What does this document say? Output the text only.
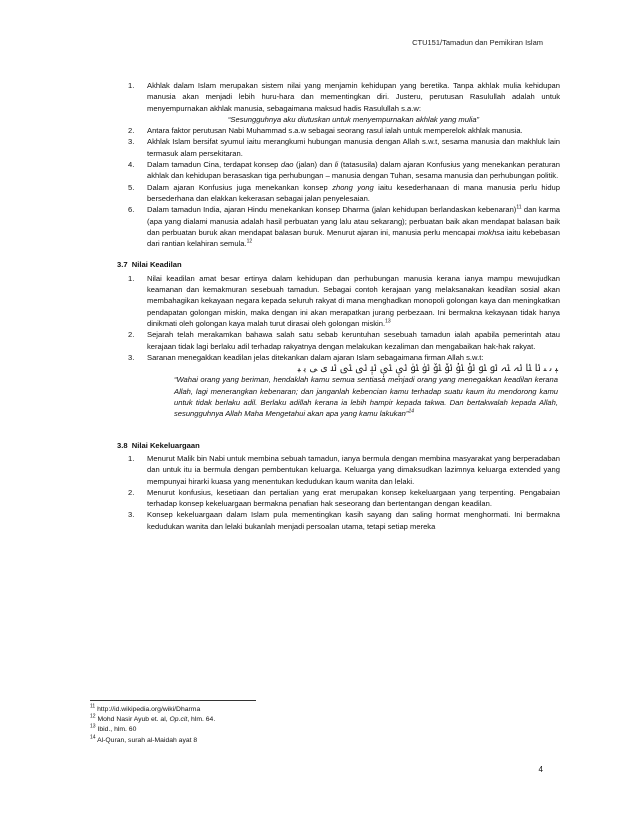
CTU151/Tamadun dan Pemikiran Islam
1. Akhlak dalam Islam merupakan sistem nilai yang menjamin kehidupan yang beretika. Tanpa akhlak mulia kehidupan manusia akan menjadi lebih huru-hara dan mementingkan diri. Justeru, perutusan Rasulullah adalah untuk menyempurnakan akhlak manusia, sebagaimana maksud hadis Rasulullah s.a.w:
“Sesungguhnya aku diutuskan untuk menyempurnakan akhlak yang mulia”
2. Antara faktor perutusan Nabi Muhammad s.a.w sebagai seorang rasul ialah untuk memperelok akhlak manusia.
3. Akhlak Islam bersifat syumul iaitu merangkumi hubungan manusia dengan Allah s.w.t, sesama manusia dan makhluk lain termasuk alam persekitaran.
4. Dalam tamadun Cina, terdapat konsep dao (jalan) dan li (tatasusila) dalam ajaran Konfusius yang menekankan peraturan akhlak dan kehidupan berasaskan tiga perhubungan – manusia dengan Tuhan, sesama manusia dan perhubungan politik.
5. Dalam ajaran Konfusius juga menekankan konsep zhong yong iaitu kesederhanaan di mana manusia perlu hidup bersederhana dan elakkan kekerasan sebagai jalan penyelesaian.
6. Dalam tamadun India, ajaran Hindu menekankan konsep Dharma (jalan kehidupan berlandaskan kebenaran)$^{11}$ dan karma (apa yang dialami manusia adalah hasil perbuatan yang lalu atau sekarang); perbuatan baik akan mendapat balasan baik dan perbuatan buruk akan mendapat balasan buruk. Menurut ajaran ini, manusia perlu mencapai mokhsa iaitu kebebasan dari rantian kelahiran semula.$^{12}$
3.7 Nilai Keadilan
1. Nilai keadilan amat besar ertinya dalam kehidupan dan perhubungan manusia kerana ianya mampu mewujudkan keamanan dan kemakmuran sesebuah tamadun. Sebagai contoh kerajaan yang melaksanakan keadilan sosial akan membahagikan kekayaan negara kepada seluruh rakyat di mana menghadkan monopoli golongan kaya dan meningkatkan pendapatan golongan miskin, maka dengan ini akan merapatkan jurang perbezaan. Ini bermakna kekayaan tidak hanya dinikmati oleh golongan kaya malah turut dirasai oleh golongan miskin.$^{13}$
2. Sejarah telah merakamkan bahawa salah satu sebab keruntuhan sesebuah tamadun ialah apabila pemerintah atau kerajaan tidak lagi berlaku adil terhadap rakyatnya dengan melakukan kezaliman dan mengabaikan hak-hak rakyat.
3. Saranan menegakkan keadilan jelas ditekankan dalam ajaran Islam sebagaimana firman Allah s.w.t:
ﯧ ﯨ ﯩ ﯪ ﯫ ﯬ ﯭ ﯮ ﯯ ﯰ ﯱ ﯲ ﯳ ﯴ ﯵ ﯶ ﯷ ﯸ ﯹ ﯺ ﯻ ﯼ ﯽ ﯾ ﯿ
“Wahai orang yang beriman, hendaklah kamu semua sentiasa menjadi orang yang menegakkan keadilan kerana Allah, lagi menerangkan kebenaran; dan janganlah kebencian kamu terhadap suatu kaum itu mendorong kamu untuk tidak berlaku adil. Berlaku adillah kerana ia lebih hampir kepada takwa. Dan bertakwalah kepada Allah, sesungguhnya Allah Maha Mengetahui akan apa yang kamu lakukan”$^{14}$
3.8 Nilai Kekeluargaan
1. Menurut Malik bin Nabi untuk membina sebuah tamadun, ianya bermula dengan membina masyarakat yang berperadaban dan untuk itu ia bermula dengan pembentukan keluarga. Keluarga yang dimaksudkan lazimnya keluarga extended yang mempunyai hirarki kuasa yang menentukan kedudukan kaum wanita dan lelaki.
2. Menurut konfusius, kesetiaan dan pertalian yang erat merupakan konsep kekeluargaan yang terpenting. Pengabaian terhadap konsep kekeluargaan bermakna penafian hak seseorang dan bertentangan dengan keadilan.
3. Konsep kekeluargaan dalam Islam pula mementingkan kasih sayang dan saling hormat menghormati. Ini bermakna kedudukan wanita dan lelaki bukanlah menjadi persoalan utama, tetapi setiap mereka
$^{11}$ http://id.wikipedia.org/wiki/Dharma
$^{12}$ Mohd Nasir Ayub et. al, Op.cit, hlm. 64.
$^{13}$ Ibid., hlm. 60
$^{14}$ Al-Quran, surah al-Maidah ayat 8
4
